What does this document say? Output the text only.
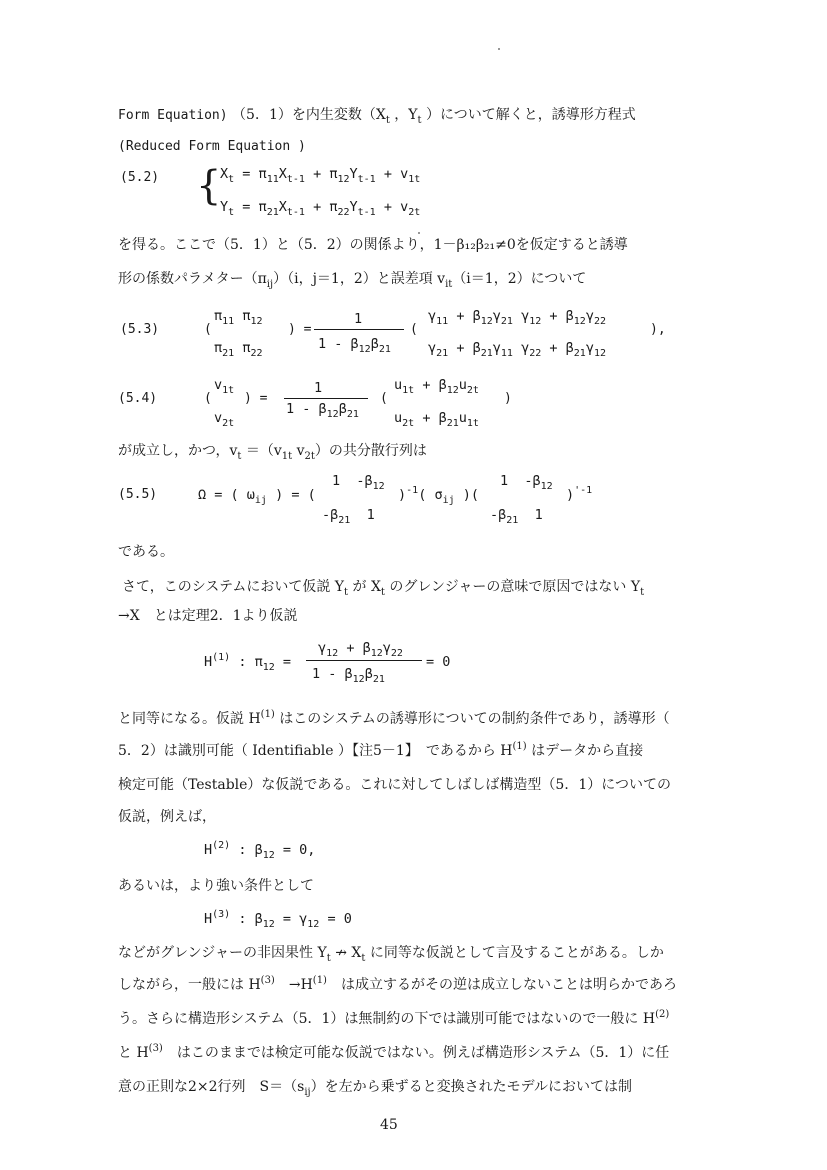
Form Equation) （5．1）を内生変数（$X_t$ ，$Y_t$ ）について解くと，誘導形方程式
(Reduced Form Equation )
(5.2) {
$X_t = \pi_{11}X_{t-1} + \pi_{12}Y_{t-1} + v_{1t}$
$Y_t = \pi_{21}X_{t-1} + \pi_{22}Y_{t-1} + v_{2t}$
を得る。ここで（5．1）と（5．2）の関係より，1－β₁₂β₂₁≠0を仮定すると誘導
形の係数パラメター$(\pi_{ij})(i$，j＝1，2）と誤差項 $v_{it}(i=1$，2）について
(5.3)	(
$\pi_{11}$ $\pi_{12}$
$\pi_{21}$ $\pi_{22}$
) =
1
$1 - \beta_{12}\beta_{21}$
(
$\gamma_{11} + \beta_{12}\gamma_{21}$ $\gamma_{12} + \beta_{12}\gamma_{22}$
$\gamma_{21} + \beta_{21}\gamma_{11}$ $\gamma_{22} + \beta_{21}\gamma_{12}$
),
(5.4)	(
$v_{1t}$
$v_{2t}$
) =
1
$1 - \beta_{12}\beta_{21}$
(
$u_{1t} + \beta_{12}u_{2t}$
$u_{2t} + \beta_{21}u_{1t}$
)
が成立し，かつ，$v_t =(v_{1t}$ $v_{2t}$）の共分散行列は
(5.5)	Ω = ( $\omega_{ij}$ ) = (
1  $-\beta_{12}$
$-\beta_{21}$  1
)$^{-1}$( $\sigma_{ij}$ )(
1  $-\beta_{12}$
$-\beta_{21}$  1
)$^{'-1}$
である。
さて，このシステムにおいて仮説 $Y_t$ が $X_t$ のグレンジャーの意味で原因ではない $Y_t$
→X　とは定理2．1より仮説
$H^{(1)}$ : $\pi_{12}$ =
$\gamma_{12} + \beta_{12}\gamma_{22}$
$1 - \beta_{12}\beta_{21}$
= 0
と同等になる。仮説 $H^{(1)}$ はこのシステムの誘導形についての制約条件であり，誘導形（
5．2）は識別可能（ Identifiable ）【注5－1】　であるから $H^{(1)}$ はデータから直接
検定可能（Testable）な仮説である。これに対してしばしば構造型（5．1）についての
仮説，例えば，
$H^{(2)}$ : $\beta_{12} = 0$,
あるいは，より強い条件として
$H^{(3)}$ : $\beta_{12} = \gamma_{12} = 0$
などがグレンジャーの非因果性 $Y_t$ ↛ $X_t$ に同等な仮説として言及することがある。しか
しながら，一般には $H^{(3)}$　$\to H^{(1)}$　は成立するがその逆は成立しないことは明らかであろ
う。さらに構造形システム（5．1）は無制約の下では識別可能ではないので一般に $H^{(2)}$
と $H^{(3)}$　はこのままでは検定可能な仮説ではない。例えば構造形システム（5．1）に任
意の正則な2×2行列　$S=(s_{ij})$を左から乗ずると変換されたモデルにおいては制
45
